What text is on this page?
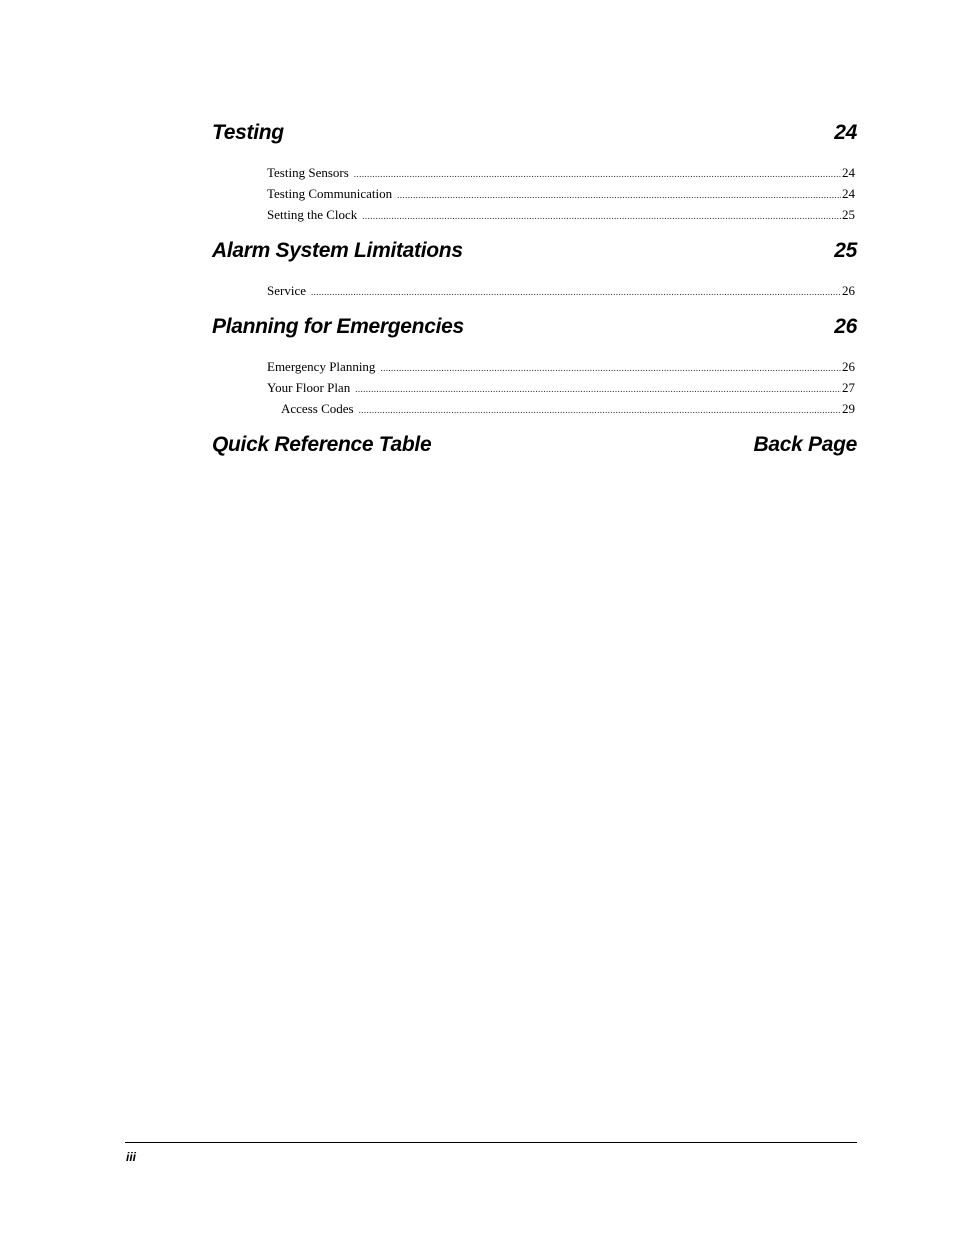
Testing	24
Testing Sensors .....	24
Testing Communication .....	24
Setting the Clock .....	25
Alarm System Limitations	25
Service .....	26
Planning for Emergencies	26
Emergency Planning .....	26
Your Floor Plan .....	27
Access Codes .....	29
Quick Reference Table	Back Page
iii
